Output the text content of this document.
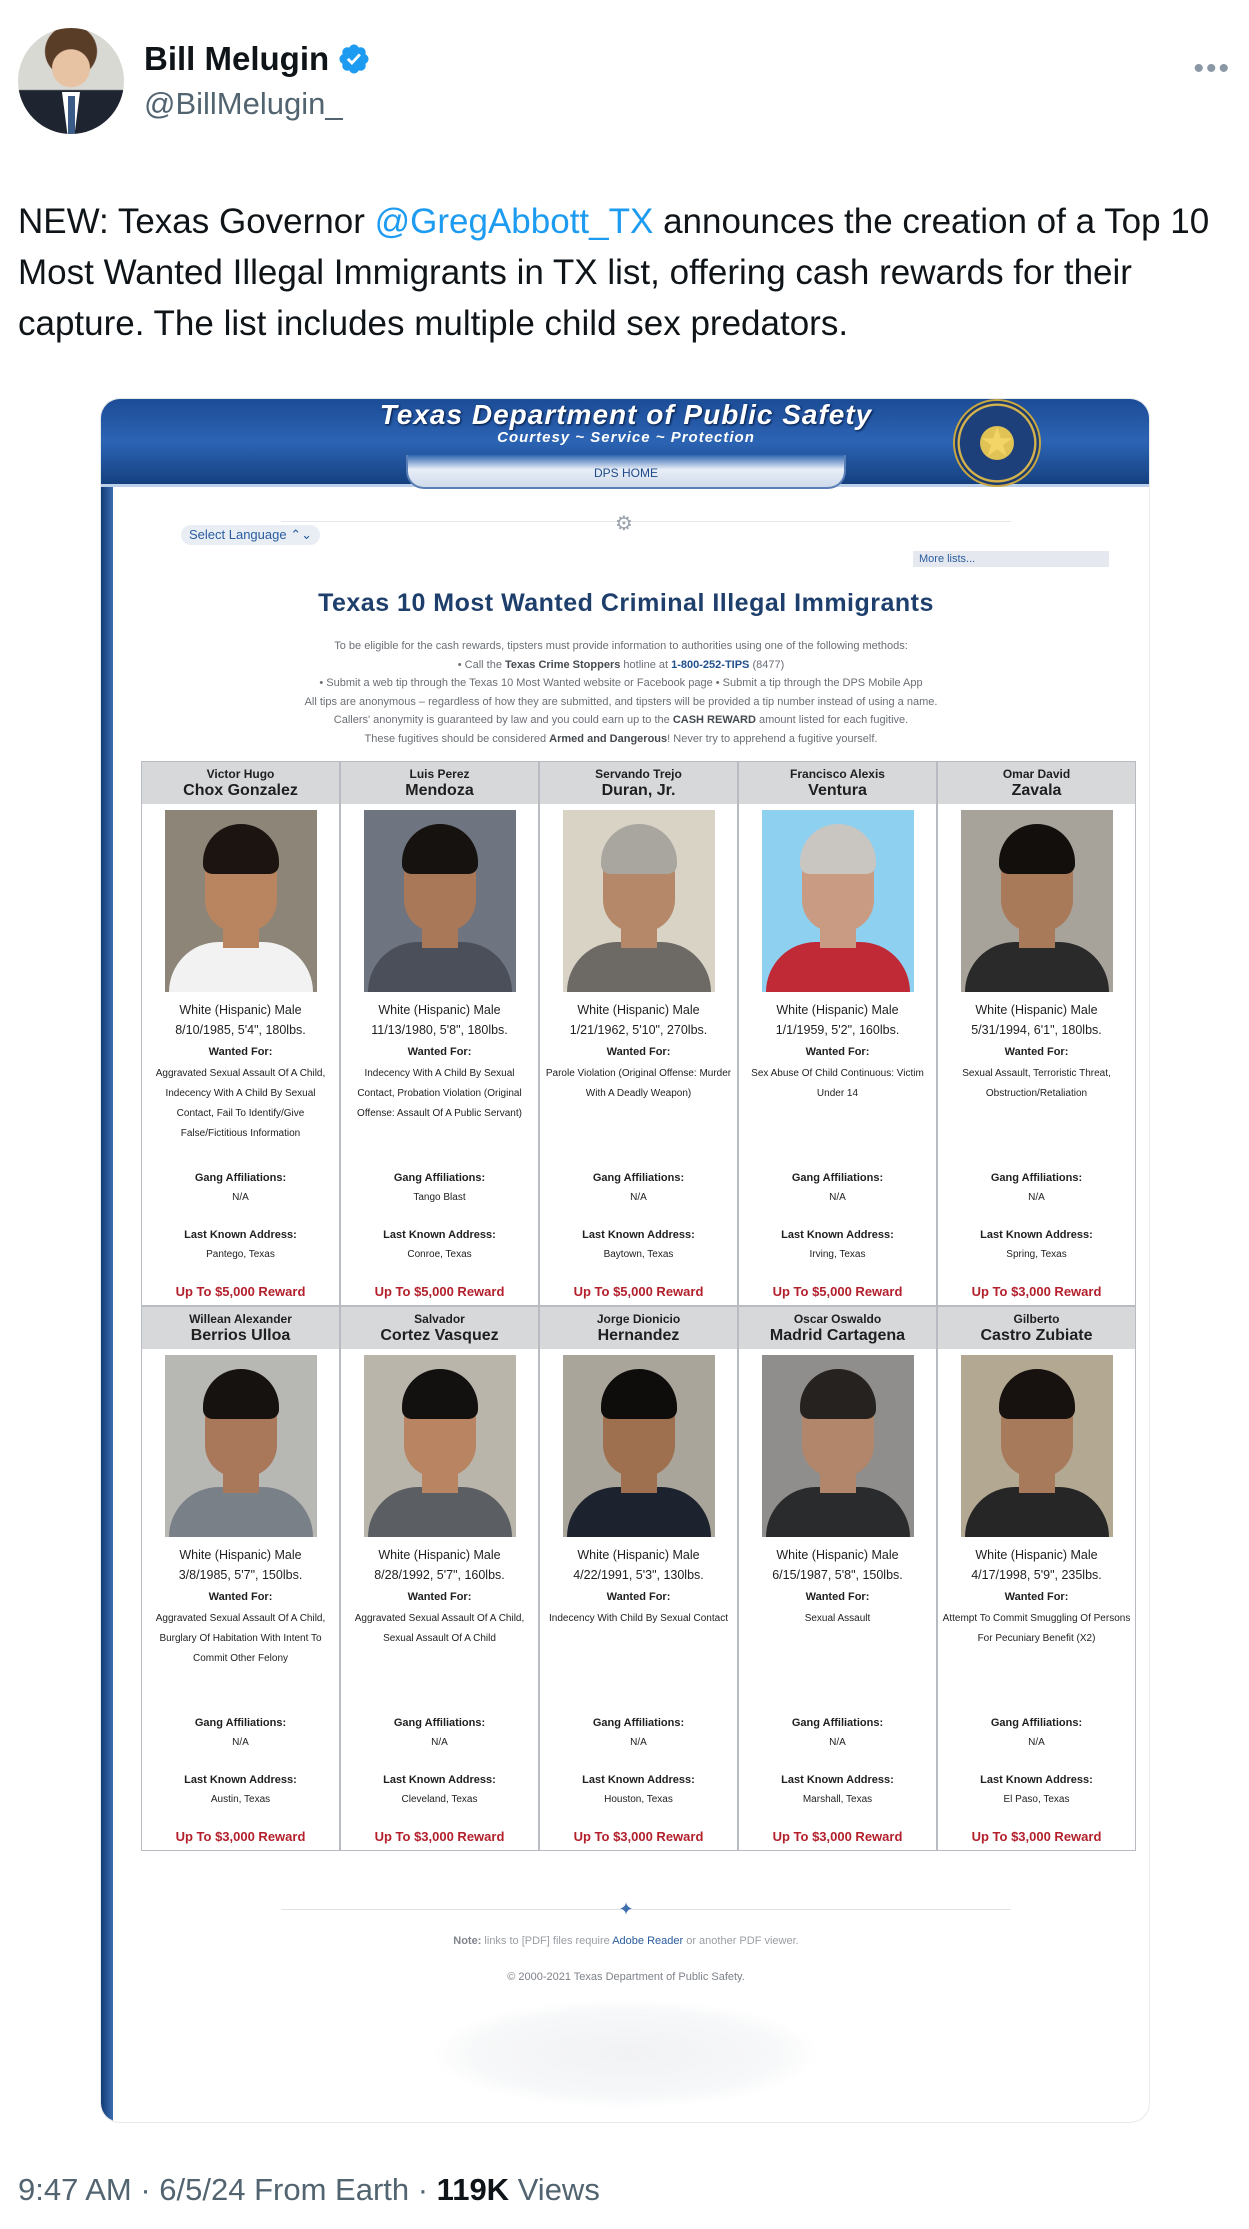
Bill Melugin
@BillMelugin_
•••
NEW: Texas Governor @GregAbbott_TX announces the creation of a Top 10 Most Wanted Illegal Immigrants in TX list, offering cash rewards for their capture. The list includes multiple child sex predators.
Texas Department of Public Safety
Courtesy ~ Service ~ Protection
DPS HOME
★
⚙
Select Language ⌃⌄
More lists...
Texas 10 Most Wanted Criminal Illegal Immigrants
To be eligible for the cash rewards, tipsters must provide information to authorities using one of the following methods:
• Call the Texas Crime Stoppers hotline at 1-800-252-TIPS (8477)
• Submit a web tip through the Texas 10 Most Wanted website or Facebook page • Submit a tip through the DPS Mobile App
All tips are anonymous – regardless of how they are submitted, and tipsters will be provided a tip number instead of using a name.
Callers' anonymity is guaranteed by law and you could earn up to the CASH REWARD amount listed for each fugitive.
These fugitives should be considered Armed and Dangerous! Never try to apprehend a fugitive yourself.
Victor Hugo
Chox Gonzalez
White (Hispanic) Male
8/10/1985, 5'4", 180lbs.
Wanted For:
Aggravated Sexual Assault Of A Child, Indecency With A Child By Sexual Contact, Fail To Identify/Give False/Fictitious Information
Gang Affiliations:
N/A
Last Known Address:
Pantego, Texas
Up To $5,000 Reward
Luis Perez
Mendoza
White (Hispanic) Male
11/13/1980, 5'8", 180lbs.
Wanted For:
Indecency With A Child By Sexual Contact, Probation Violation (Original Offense: Assault Of A Public Servant)
Gang Affiliations:
Tango Blast
Last Known Address:
Conroe, Texas
Up To $5,000 Reward
Servando Trejo
Duran, Jr.
White (Hispanic) Male
1/21/1962, 5'10", 270lbs.
Wanted For:
Parole Violation (Original Offense: Murder With A Deadly Weapon)
Gang Affiliations:
N/A
Last Known Address:
Baytown, Texas
Up To $5,000 Reward
Francisco Alexis
Ventura
White (Hispanic) Male
1/1/1959, 5'2", 160lbs.
Wanted For:
Sex Abuse Of Child Continuous: Victim Under 14
Gang Affiliations:
N/A
Last Known Address:
Irving, Texas
Up To $5,000 Reward
Omar David
Zavala
White (Hispanic) Male
5/31/1994, 6'1", 180lbs.
Wanted For:
Sexual Assault, Terroristic Threat, Obstruction/Retaliation
Gang Affiliations:
N/A
Last Known Address:
Spring, Texas
Up To $3,000 Reward
Willean Alexander
Berrios Ulloa
White (Hispanic) Male
3/8/1985, 5'7", 150lbs.
Wanted For:
Aggravated Sexual Assault Of A Child, Burglary Of Habitation With Intent To Commit Other Felony
Gang Affiliations:
N/A
Last Known Address:
Austin, Texas
Up To $3,000 Reward
Salvador
Cortez Vasquez
White (Hispanic) Male
8/28/1992, 5'7", 160lbs.
Wanted For:
Aggravated Sexual Assault Of A Child, Sexual Assault Of A Child
Gang Affiliations:
N/A
Last Known Address:
Cleveland, Texas
Up To $3,000 Reward
Jorge Dionicio
Hernandez
White (Hispanic) Male
4/22/1991, 5'3", 130lbs.
Wanted For:
Indecency With Child By Sexual Contact
Gang Affiliations:
N/A
Last Known Address:
Houston, Texas
Up To $3,000 Reward
Oscar Oswaldo
Madrid Cartagena
White (Hispanic) Male
6/15/1987, 5'8", 150lbs.
Wanted For:
Sexual Assault
Gang Affiliations:
N/A
Last Known Address:
Marshall, Texas
Up To $3,000 Reward
Gilberto
Castro Zubiate
White (Hispanic) Male
4/17/1998, 5'9", 235lbs.
Wanted For:
Attempt To Commit Smuggling Of Persons For Pecuniary Benefit (X2)
Gang Affiliations:
N/A
Last Known Address:
El Paso, Texas
Up To $3,000 Reward
✦
Note: links to [PDF] files require Adobe Reader or another PDF viewer.
© 2000-2021 Texas Department of Public Safety.
9:47 AM · 6/5/24 From Earth · 119K Views
